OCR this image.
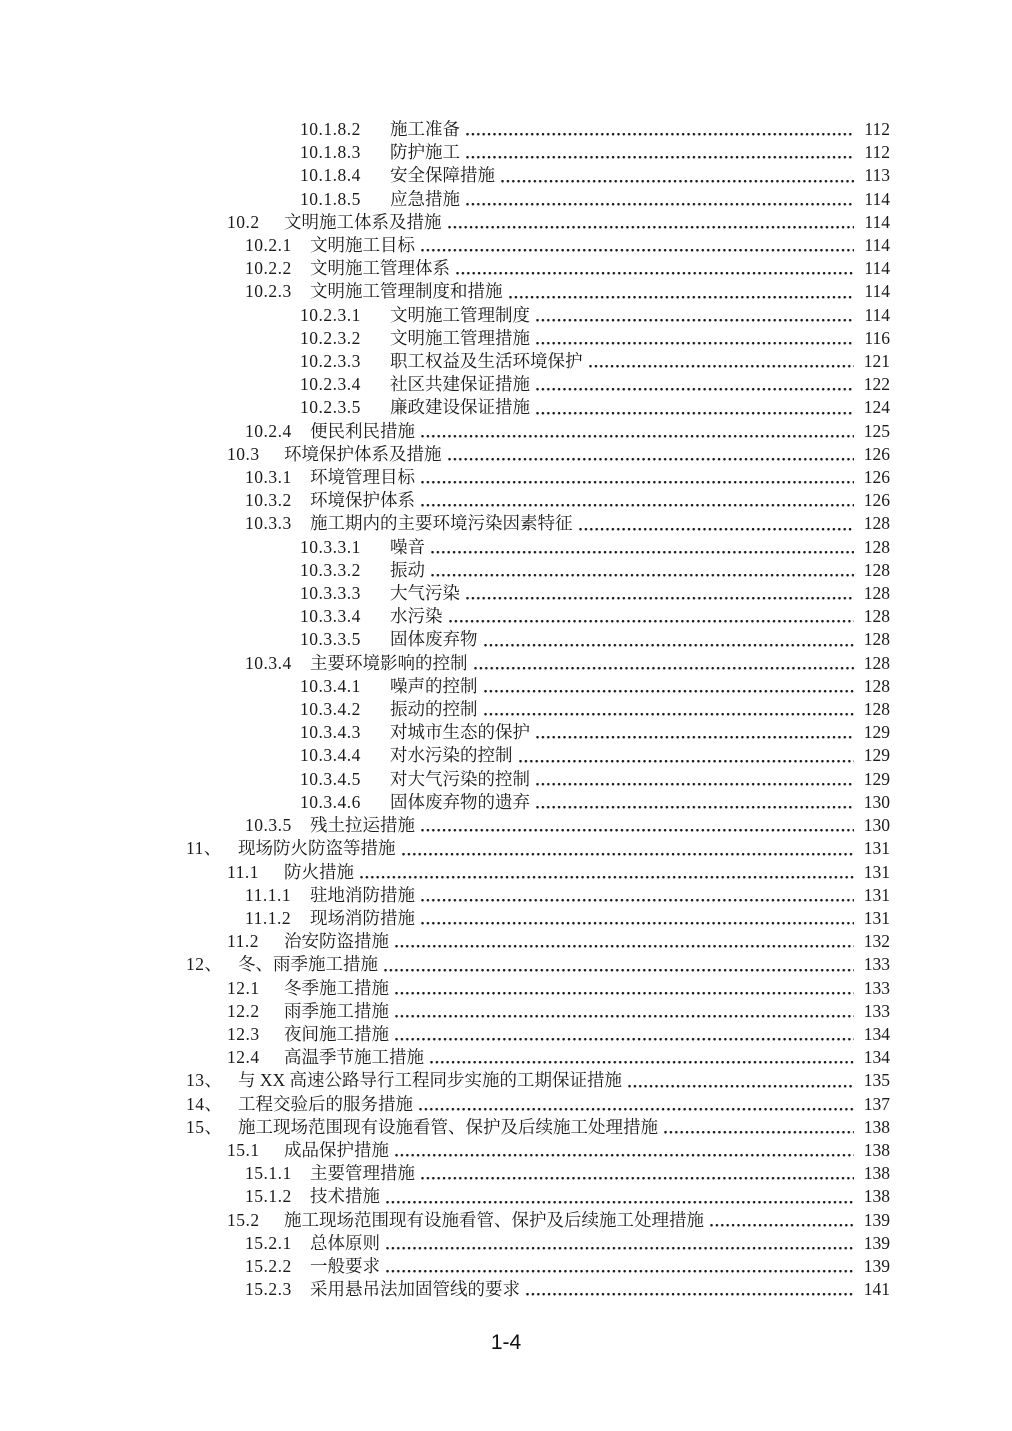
10.1.8.2	施工准备	112
10.1.8.3	防护施工	112
10.1.8.4	安全保障措施	113
10.1.8.5	应急措施	114
10.2	文明施工体系及措施	114
10.2.1	文明施工目标	114
10.2.2	文明施工管理体系	114
10.2.3	文明施工管理制度和措施	114
10.2.3.1	文明施工管理制度	114
10.2.3.2	文明施工管理措施	116
10.2.3.3	职工权益及生活环境保护	121
10.2.3.4	社区共建保证措施	122
10.2.3.5	廉政建设保证措施	124
10.2.4	便民利民措施	125
10.3	环境保护体系及措施	126
10.3.1	环境管理目标	126
10.3.2	环境保护体系	126
10.3.3	施工期内的主要环境污染因素特征	128
10.3.3.1	噪音	128
10.3.3.2	振动	128
10.3.3.3	大气污染	128
10.3.3.4	水污染	128
10.3.3.5	固体废弃物	128
10.3.4	主要环境影响的控制	128
10.3.4.1	噪声的控制	128
10.3.4.2	振动的控制	128
10.3.4.3	对城市生态的保护	129
10.3.4.4	对水污染的控制	129
10.3.4.5	对大气污染的控制	129
10.3.4.6	固体废弃物的遗弃	130
10.3.5	残土拉运措施	130
11、 现场防火防盗等措施	131
11.1	防火措施	131
11.1.1	驻地消防措施	131
11.1.2	现场消防措施	131
11.2	治安防盗措施	132
12、 冬、雨季施工措施	133
12.1	冬季施工措施	133
12.2	雨季施工措施	133
12.3	夜间施工措施	134
12.4	高温季节施工措施	134
13、 与 XX 高速公路导行工程同步实施的工期保证措施	135
14、 工程交验后的服务措施	137
15、 施工现场范围现有设施看管、保护及后续施工处理措施	138
15.1	成品保护措施	138
15.1.1	主要管理措施	138
15.1.2	技术措施	138
15.2	施工现场范围现有设施看管、保护及后续施工处理措施	139
15.2.1	总体原则	139
15.2.2	一般要求	139
15.2.3	采用悬吊法加固管线的要求	141
1-4
